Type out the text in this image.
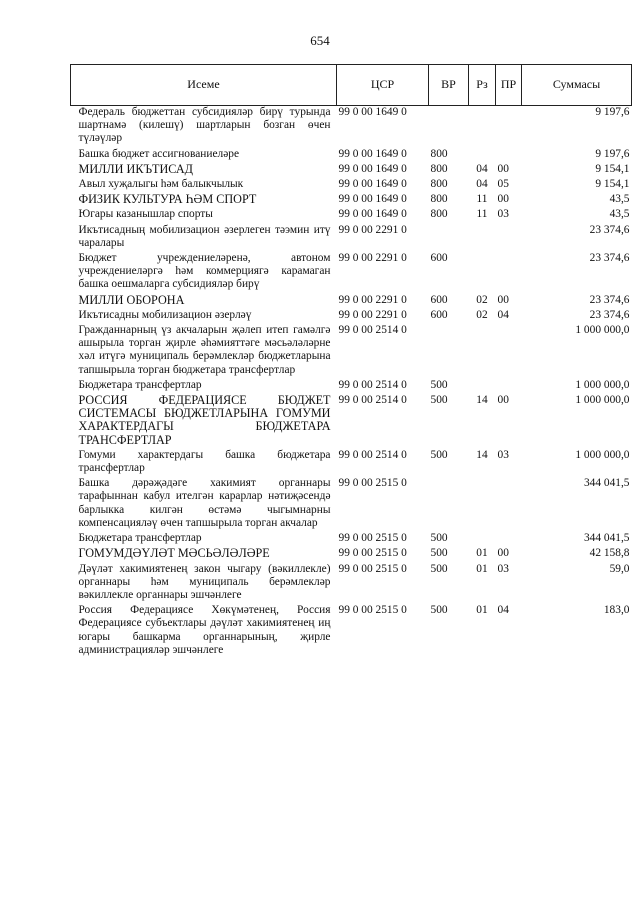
654
Исеме	ЦСР	ВР	Рз	ПР	Суммасы
Федераль бюджеттан субсидияләр бирү турында шартнамә (килешү) шартларын бозган өчен түләүләр	99 0 00 1649 0				9 197,6
Башка бюджет ассигнованиеләре	99 0 00 1649 0	800			9 197,6
МИЛЛИ ИКЪТИСАД	99 0 00 1649 0	800	04	00	9 154,1
Авыл хуҗалыгы һәм балыкчылык	99 0 00 1649 0	800	04	05	9 154,1
ФИЗИК КУЛЬТУРА ҺӘМ СПОРТ	99 0 00 1649 0	800	11	00	43,5
Югары казанышлар спорты	99 0 00 1649 0	800	11	03	43,5
Икътисадның мобилизацион әзерлеген тәэмин итү чаралары	99 0 00 2291 0				23 374,6
Бюджет учреждениеләренә, автоном учреждениеләргә һәм коммерциягә карамаган башка оешмаларга субсидияләр бирү	99 0 00 2291 0	600			23 374,6
МИЛЛИ ОБОРОНА	99 0 00 2291 0	600	02	00	23 374,6
Икътисадны мобилизацион әзерләү	99 0 00 2291 0	600	02	04	23 374,6
Гражданнарның үз акчаларын җәлеп итеп гамәлгә ашырыла торган җирле әһәмияттәге мәсьәләләрне хәл итүгә муниципаль берәмлекләр бюджетларына тапшырыла торган бюджетара трансфертлар	99 0 00 2514 0				1 000 000,0
Бюджетара трансфертлар	99 0 00 2514 0	500			1 000 000,0
РОССИЯ ФЕДЕРАЦИЯСЕ БЮДЖЕТ СИСТЕМАСЫ БЮДЖЕТЛАРЫНА ГОМУМИ ХАРАКТЕРДАГЫ БЮДЖЕТАРА ТРАНСФЕРТЛАР	99 0 00 2514 0	500	14	00	1 000 000,0
Гомуми характердагы башка бюджетара трансфертлар	99 0 00 2514 0	500	14	03	1 000 000,0
Башка дәрәҗәдәге хакимият органнары тарафыннан кабул ителгән карарлар нәтиҗәсендә барлыкка килгән өстәмә чыгымнарны компенсацияләү өчен тапшырыла торган акчалар	99 0 00 2515 0				344 041,5
Бюджетара трансфертлар	99 0 00 2515 0	500			344 041,5
ГОМУМДӘҮЛӘТ МӘСЬӘЛӘЛӘРЕ	99 0 00 2515 0	500	01	00	42 158,8
Дәүләт хакимиятенең закон чыгару (вәкиллекле) органнары һәм муниципаль берәмлекләр вәкиллекле органнары эшчәнлеге	99 0 00 2515 0	500	01	03	59,0
Россия Федерациясе Хөкүмәтенең, Россия Федерациясе субъектлары дәүләт хакимиятенең иң югары башкарма органнарының, җирле администрацияләр эшчәнлеге	99 0 00 2515 0	500	01	04	183,0
